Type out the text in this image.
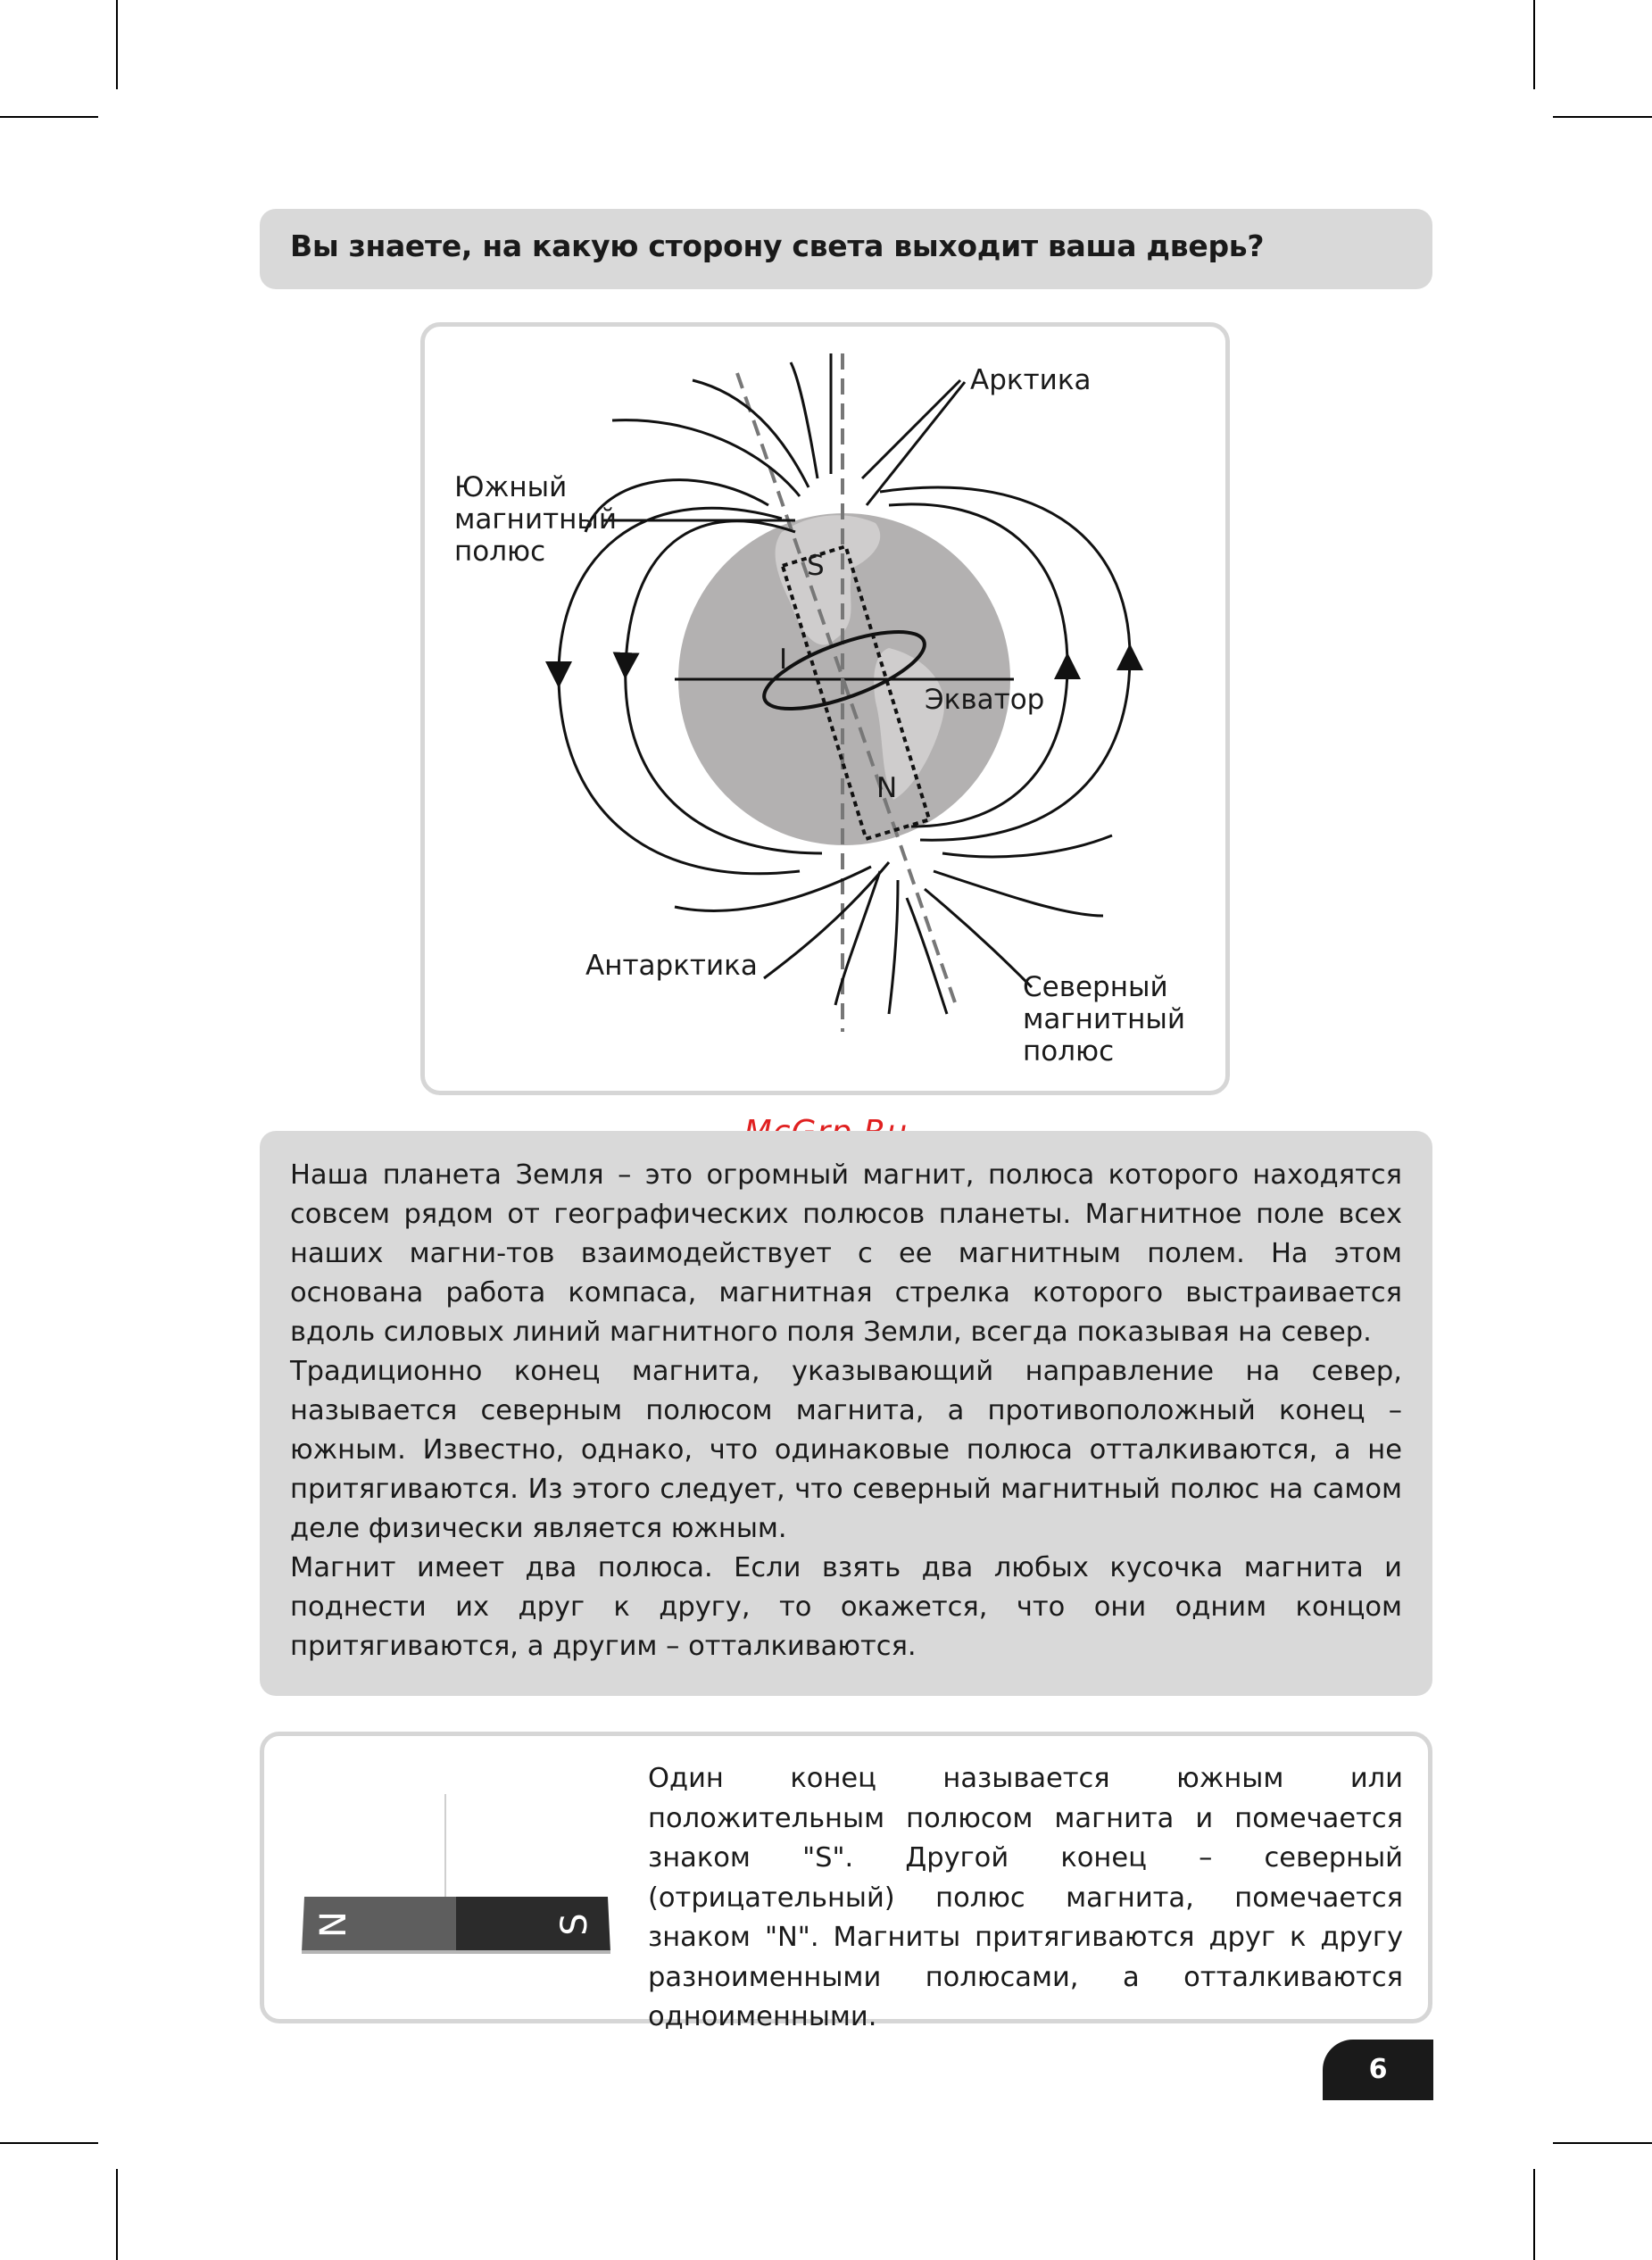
Вы знаете, на какую сторону света выходит ваша дверь?
S
N
I
Арктика
Южный
магнитный
полюс
Экватор
Антарктика
Северный
магнитный
полюс
Наша планета Земля – это огромный магнит, полюса которого находятся совсем рядом от географических полюсов планеты. Магнитное поле всех наших магни-тов взаимодействует с ее магнитным полем. На этом основана работа компаса, магнитная стрелка которого выстраивается вдоль силовых линий магнитного поля Земли, всегда показывая на север.
Традиционно конец магнита, указывающий направление на север, называется северным полюсом магнита, а противоположный конец – южным. Известно, однако, что одинаковые полюса отталкиваются, а не притягиваются. Из этого следует, что северный магнитный полюс на самом деле физически является южным.
Магнит имеет два полюса. Если взять два любых кусочка магнита и поднести их друг к другу, то окажется, что они одним концом притягиваются, а другим – отталкиваются.
N	S
Один конец называется южным или положительным полюсом магнита и помечается знаком "S". Другой конец – северный (отрицательный) полюс магнита, помечается знаком "N". Магниты притягиваются друг к другу разноименными полюсами, а отталкиваются одноименными.
6
